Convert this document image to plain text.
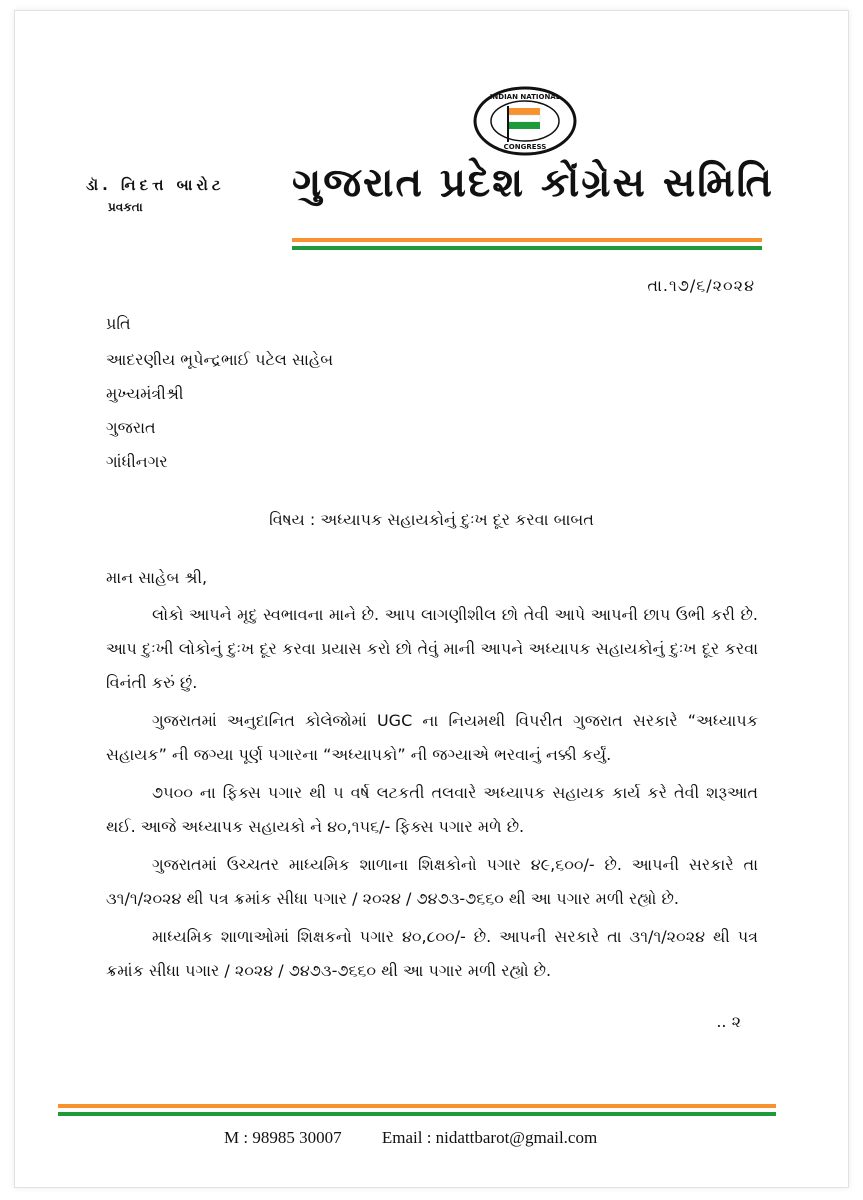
INDIAN NATIONAL
CONGRESS
ડૉ. નિદત્ત બારોટ
પ્રવકતા
ગુજરાત પ્રદેશ કોંગ્રેસ સમિતિ
તા.૧૭/૬/૨૦૨૪
પ્રતિ
આદરણીય ભૂપેન્દ્રભાઈ પટેલ સાહેબ
મુખ્યમંત્રીશ્રી
ગુજરાત
ગાંધીનગર
વિષય : અધ્યાપક સહાયકોનું દુઃખ દૂર કરવા બાબત
માન સાહેબ શ્રી,

લોકો આપને મૃદુ સ્વભાવના માને છે. આપ લાગણીશીલ છો તેવી આપે આપની છાપ ઉભી કરી છે. આપ દુઃખી લોકોનું દુઃખ દૂર કરવા પ્રયાસ કરો છો તેવું માની આપને અધ્યાપક સહાયકોનું દુઃખ દૂર કરવા વિનંતી કરું છું.

ગુજરાતમાં અનુદાનિત કોલેજોમાં UGC ના નિયમથી વિપરીત ગુજરાત સરકારે “અધ્યાપક સહાયક” ની જગ્યા પૂર્ણ પગારના “અધ્યાપકો” ની જગ્યાએ ભરવાનું નક્કી કર્યું.

૭૫૦૦ ના ફિક્સ પગાર થી ૫ વર્ષ લટકતી તલવારે અધ્યાપક સહાયક કાર્ય કરે તેવી શરૂઆત થઈ. આજે અધ્યાપક સહાયકો ને ૪૦,૧૫૬/- ફિક્સ પગાર મળે છે.

ગુજરાતમાં ઉચ્ચતર માધ્યમિક શાળાના શિક્ષકોનો પગાર ૪૯,૬૦૦/- છે. આપની સરકારે તા ૩૧/૧/૨૦૨૪ થી પત્ર ક્રમાંક સીધા પગાર / ૨૦૨૪ / ૭૪૭૩-૭૬૬૦ થી આ પગાર મળી રહ્યો છે.

માધ્યમિક શાળાઓમાં શિક્ષકનો પગાર ૪૦,૮૦૦/- છે. આપની સરકારે તા ૩૧/૧/૨૦૨૪ થી પત્ર ક્રમાંક સીધા પગાર / ૨૦૨૪ / ૭૪૭૩-૭૬૬૦ થી આ પગાર મળી રહ્યો છે.

.. ૨
M : 98985 30007 Email : nidattbarot@gmail.com
